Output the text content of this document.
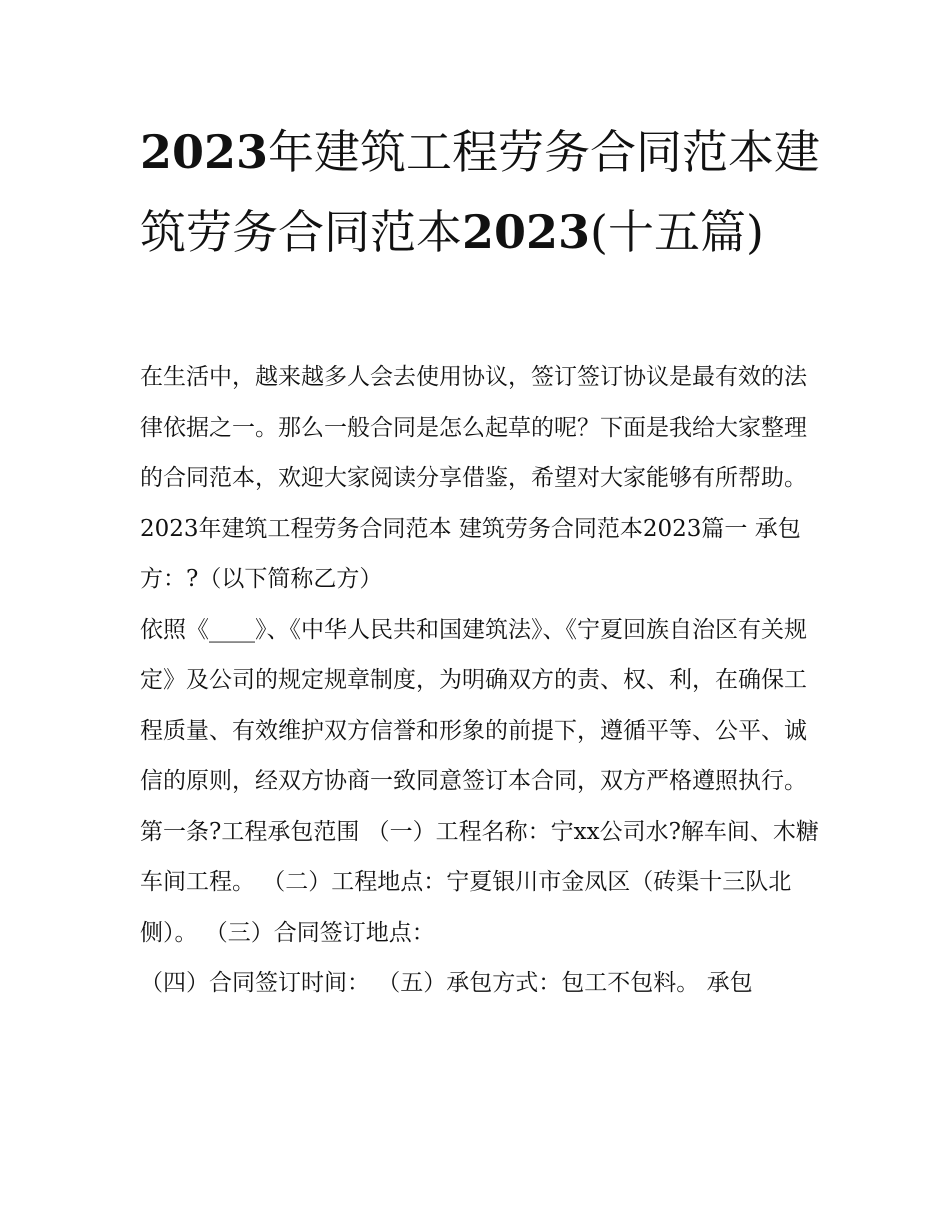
2023年建筑工程劳务合同范本建筑劳务合同范本2023(十五篇)

在生活中，越来越多人会去使用协议，签订签订协议是最有效的法律依据之一。那么一般合同是怎么起草的呢？下面是我给大家整理的合同范本，欢迎大家阅读分享借鉴，希望对大家能够有所帮助。

2023年建筑工程劳务合同范本 建筑劳务合同范本2023篇一 承包方：?（以下简称乙方）

依照《____》、《中华人民共和国建筑法》、《宁夏回族自治区有关规定》及公司的规定规章制度，为明确双方的责、权、利，在确保工程质量、有效维护双方信誉和形象的前提下，遵循平等、公平、诚信的原则，经双方协商一致同意签订本合同，双方严格遵照执行。

第一条?工程承包范围 （一）工程名称：宁xx公司水?解车间、木糖车间工程。 （二）工程地点：宁夏银川市金凤区（砖渠十三队北侧）。 （三）合同签订地点：

（四）合同签订时间： （五）承包方式：包工不包料。 承包
